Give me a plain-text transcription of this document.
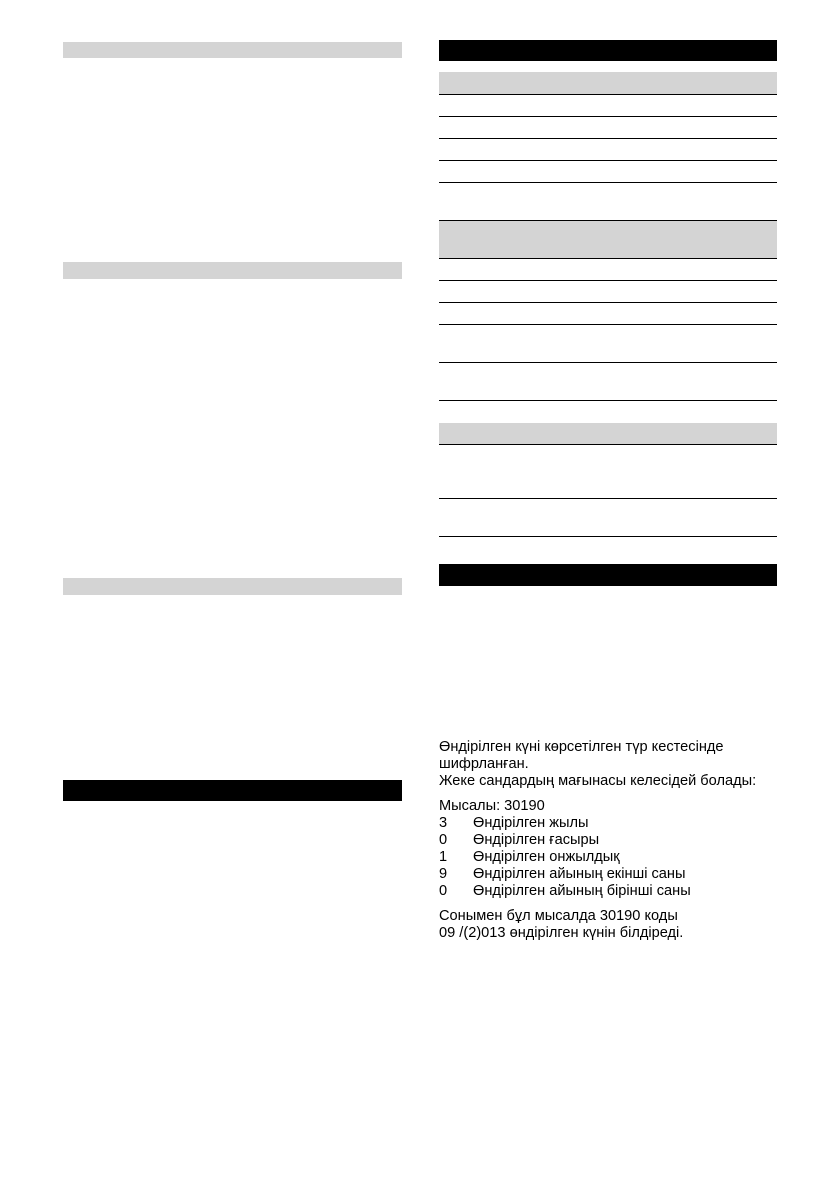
Өндірілген күні көрсетілген түр кестесінде
шифрланған.
Жеке сандардың мағынасы келесідей болады:
Мысалы: 30190
3 Өндірілген жылы
0 Өндірілген ғасыры
1 Өндірілген онжылдық
9 Өндірілген айының екінші саны
0 Өндірілген айының бірінші саны
Сонымен бұл мысалда 30190 коды
09 /(2)013 өндірілген күнін білдіреді.
